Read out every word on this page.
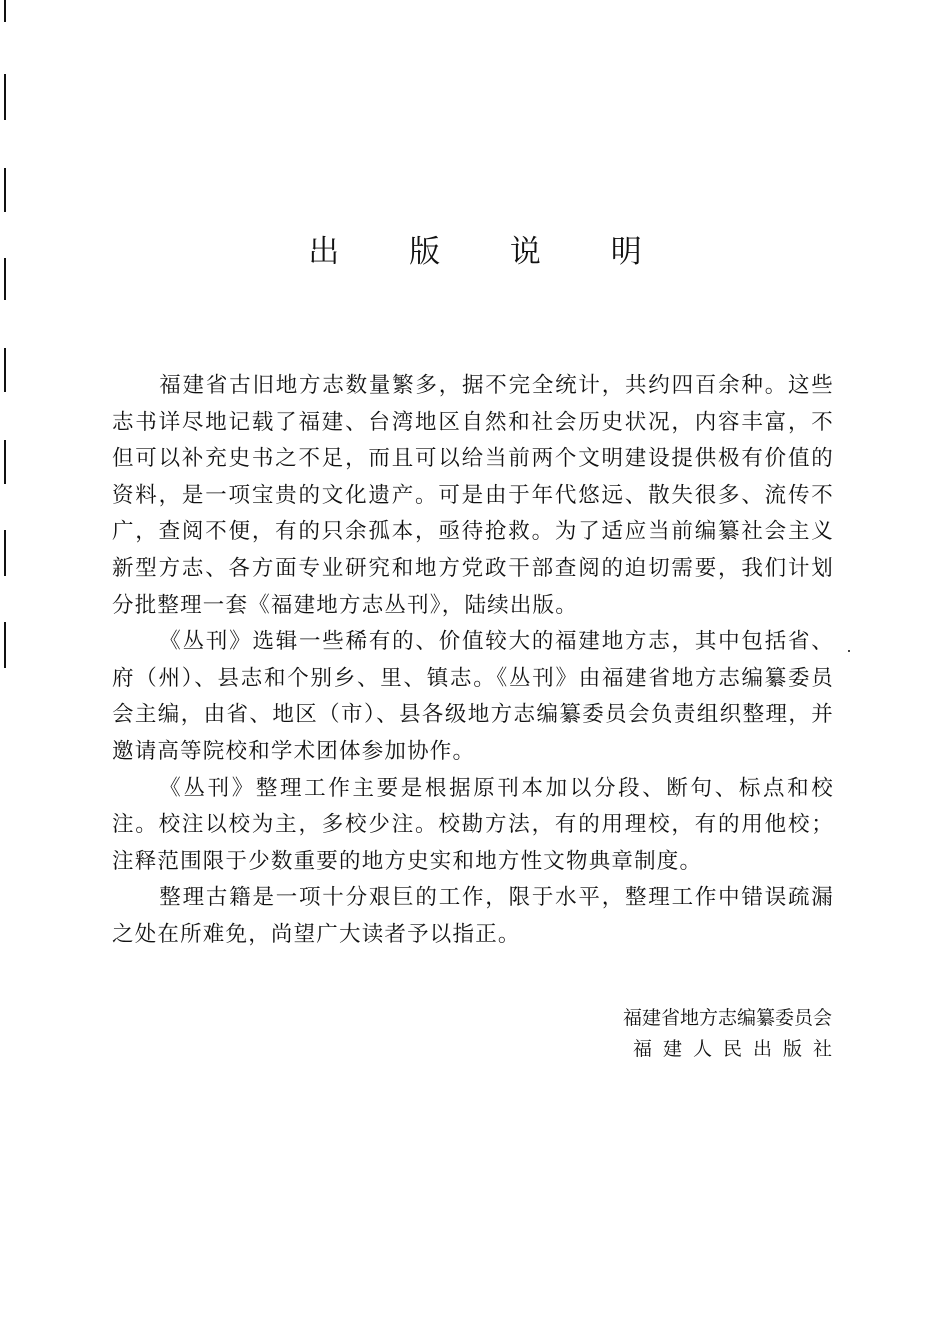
出 版 说 明

福建省古旧地方志数量繁多，据不完全统计，共约四百余种。这些志书详尽地记载了福建、台湾地区自然和社会历史状况，内容丰富，不但可以补充史书之不足，而且可以给当前两个文明建设提供极有价值的资料，是一项宝贵的文化遗产。可是由于年代悠远、散失很多、流传不广，查阅不便，有的只余孤本，亟待抢救。为了适应当前编纂社会主义新型方志、各方面专业研究和地方党政干部查阅的迫切需要，我们计划分批整理一套《福建地方志丛刊》，陆续出版。

《丛刊》选辑一些稀有的、价值较大的福建地方志，其中包括省、府（州）、县志和个别乡、里、镇志。《丛刊》由福建省地方志编纂委员会主编，由省、地区（市）、县各级地方志编纂委员会负责组织整理，并邀请高等院校和学术团体参加协作。

《丛刊》整理工作主要是根据原刊本加以分段、断句、标点和校注。校注以校为主，多校少注。校勘方法，有的用理校，有的用他校；注释范围限于少数重要的地方史实和地方性文物典章制度。

整理古籍是一项十分艰巨的工作，限于水平，整理工作中错误疏漏之处在所难免，尚望广大读者予以指正。

福建省地方志编纂委员会
福建人民出版社
